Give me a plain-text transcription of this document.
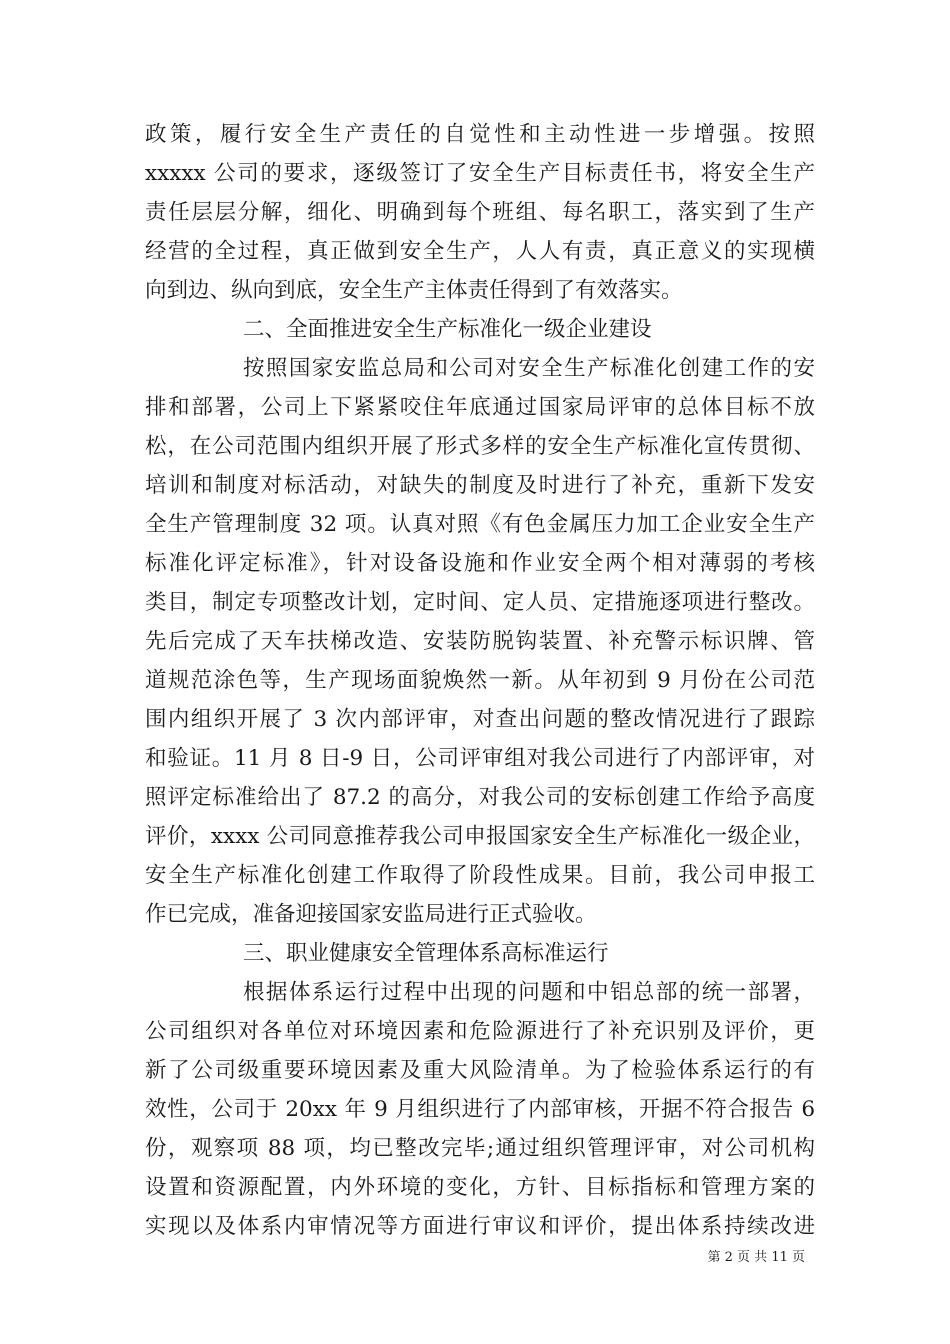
政策，履行安全生产责任的自觉性和主动性进一步增强。按照
xxxxx 公司的要求，逐级签订了安全生产目标责任书，将安全生产
责任层层分解，细化、明确到每个班组、每名职工，落实到了生产
经营的全过程，真正做到安全生产，人人有责，真正意义的实现横
向到边、纵向到底，安全生产主体责任得到了有效落实。
二、全面推进安全生产标准化一级企业建设
按照国家安监总局和公司对安全生产标准化创建工作的安
排和部署，公司上下紧紧咬住年底通过国家局评审的总体目标不放
松，在公司范围内组织开展了形式多样的安全生产标准化宣传贯彻、
培训和制度对标活动，对缺失的制度及时进行了补充，重新下发安
全生产管理制度 32 项。认真对照《有色金属压力加工企业安全生产
标准化评定标准》，针对设备设施和作业安全两个相对薄弱的考核
类目，制定专项整改计划，定时间、定人员、定措施逐项进行整改。
先后完成了天车扶梯改造、安装防脱钩装置、补充警示标识牌、管
道规范涂色等，生产现场面貌焕然一新。从年初到 9 月份在公司范
围内组织开展了 3 次内部评审，对查出问题的整改情况进行了跟踪
和验证。11 月 8 日-9 日，公司评审组对我公司进行了内部评审，对
照评定标准给出了 87.2 的高分，对我公司的安标创建工作给予高度
评价，xxxx 公司同意推荐我公司申报国家安全生产标准化一级企业，
安全生产标准化创建工作取得了阶段性成果。目前，我公司申报工
作已完成，准备迎接国家安监局进行正式验收。
三、职业健康安全管理体系高标准运行
根据体系运行过程中出现的问题和中铝总部的统一部署，
公司组织对各单位对环境因素和危险源进行了补充识别及评价，更
新了公司级重要环境因素及重大风险清单。为了检验体系运行的有
效性，公司于 20xx 年 9 月组织进行了内部审核，开据不符合报告 6
份，观察项 88 项，均已整改完毕;通过组织管理评审，对公司机构
设置和资源配置，内外环境的变化，方针、目标指标和管理方案的
实现以及体系内审情况等方面进行审议和评价，提出体系持续改进
第 2 页 共 11 页
